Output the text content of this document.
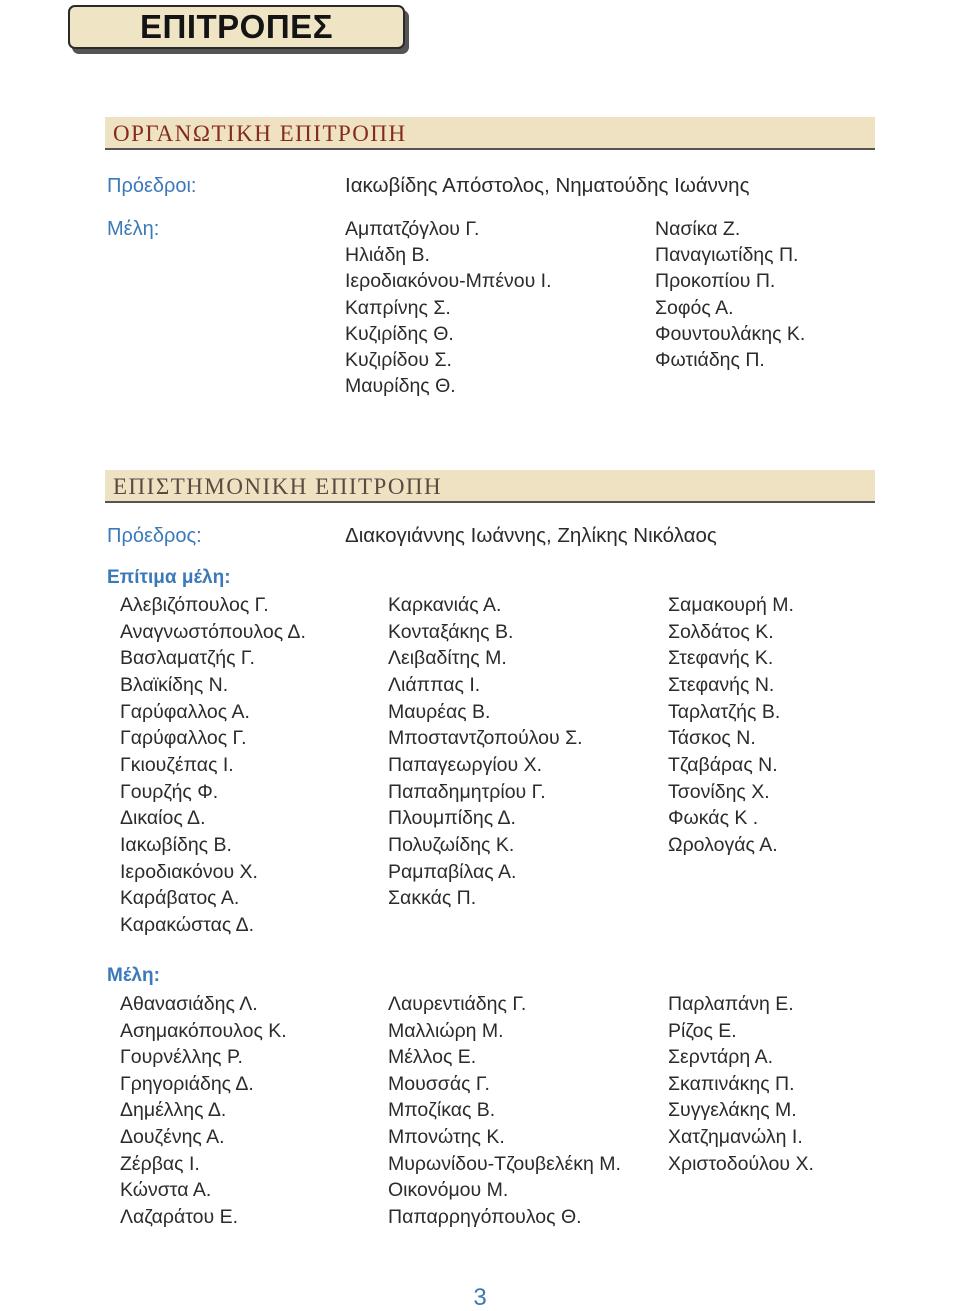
ΕΠΙΤΡΟΠΕΣ
ΟΡΓΑΝΩΤΙΚΗ ΕΠΙΤΡΟΠΗ
Πρόεδροι:	Ιακωβίδης Απόστολος, Νηματούδης Ιωάννης
Μέλη:	Αμπατζόγλου Γ.
Ηλιάδη Β.
Ιεροδιακόνου-Μπένου Ι.
Καπρίνης Σ.
Κυζιρίδης Θ.
Κυζιρίδου Σ.
Μαυρίδης Θ.
Νασίκα Ζ.
Παναγιωτίδης Π.
Προκοπίου Π.
Σοφός Α.
Φουντουλάκης Κ.
Φωτιάδης Π.
ΕΠΙΣΤΗΜΟΝΙΚΗ ΕΠΙΤΡΟΠΗ
Πρόεδρος:	Διακογιάννης Ιωάννης, Ζηλίκης Νικόλαος
Επίτιμα μέλη:
Αλεβιζόπουλος Γ.
Αναγνωστόπουλος Δ.
Βασλαματζής Γ.
Βλαϊκίδης Ν.
Γαρύφαλλος Α.
Γαρύφαλλος Γ.
Γκιουζέπας Ι.
Γουρζής Φ.
Δικαίος Δ.
Ιακωβίδης Β.
Ιεροδιακόνου Χ.
Καράβατος Α.
Καρακώστας Δ.
Καρκανιάς Α.
Κονταξάκης Β.
Λειβαδίτης Μ.
Λιάππας Ι.
Μαυρέας Β.
Μποσταντζοπούλου Σ.
Παπαγεωργίου Χ.
Παπαδημητρίου Γ.
Πλουμπίδης Δ.
Πολυζωίδης Κ.
Ραμπαβίλας Α.
Σακκάς Π.
Σαμακουρή Μ.
Σολδάτος Κ.
Στεφανής Κ.
Στεφανής Ν.
Ταρλατζής Β.
Τάσκος Ν.
Τζαβάρας Ν.
Τσονίδης Χ.
Φωκάς Κ .
Ωρολογάς Α.
Μέλη:
Αθανασιάδης Λ.
Ασημακόπουλος Κ.
Γουρνέλλης Ρ.
Γρηγοριάδης Δ.
Δημέλλης Δ.
Δουζένης Α.
Ζέρβας Ι.
Κώνστα Α.
Λαζαράτου Ε.
Λαυρεντιάδης Γ.
Μαλλιώρη Μ.
Μέλλος Ε.
Μουσσάς Γ.
Μποζίκας Β.
Μπονώτης Κ.
Μυρωνίδου-Τζουβελέκη Μ.
Οικονόμου Μ.
Παπαρρηγόπουλος Θ.
Παρλαπάνη Ε.
Ρίζος Ε.
Σερντάρη Α.
Σκαπινάκης Π.
Συγγελάκης Μ.
Χατζημανώλη Ι.
Χριστοδούλου Χ.
3
